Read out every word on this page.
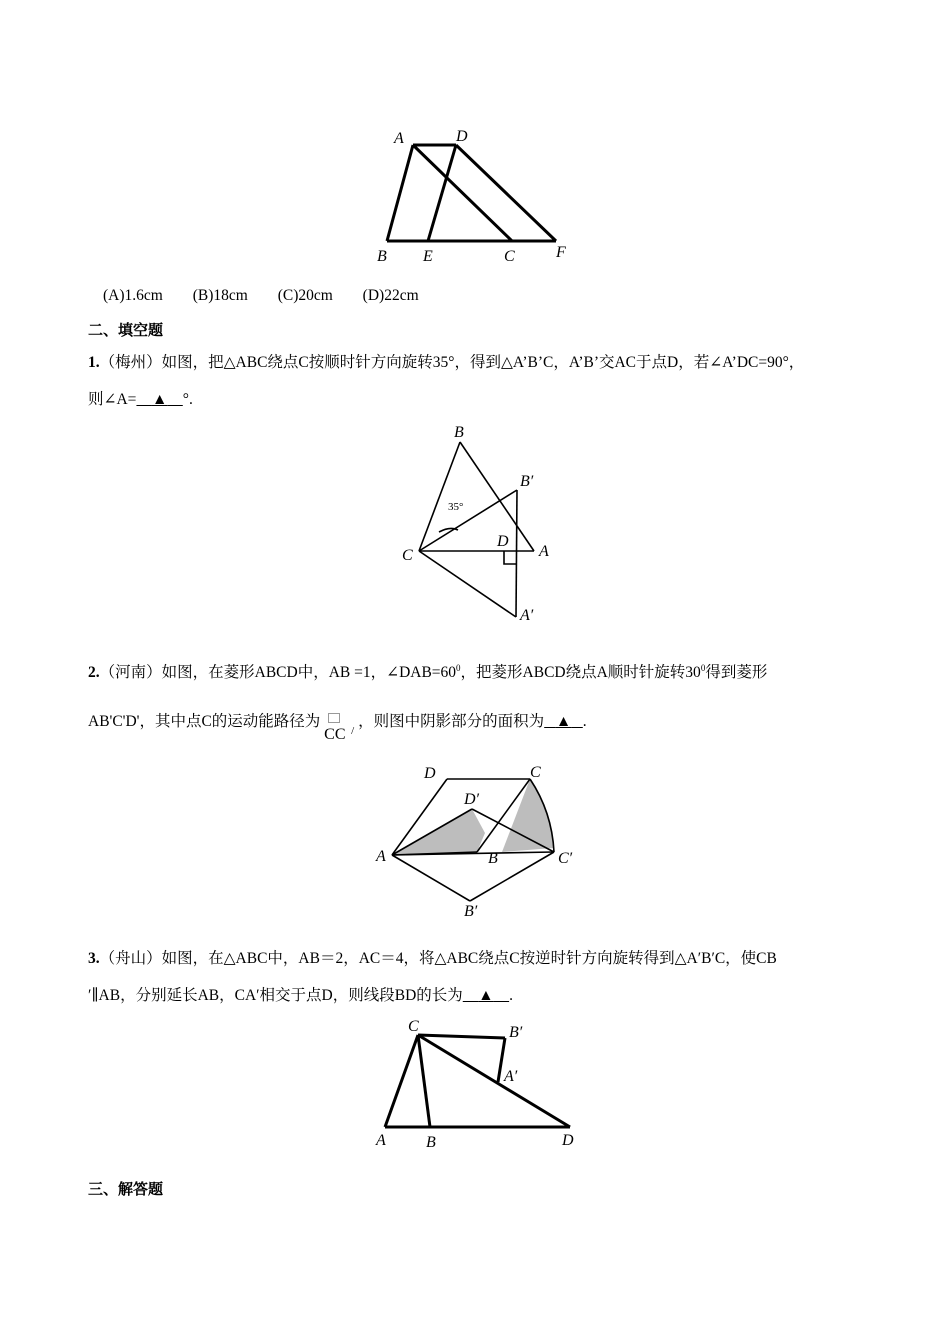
A	D
B E	C	F
(A)1.6cm (B)18cm (C)20cm (D)22cm
二、填空题
1.（梅州）如图，把△ABC绕点C按顺时针方向旋转35°，得到△A’B’C，A’B’交AC于点D，若∠A’DC=90°，
则∠A= ▲ °.
B
B′
35°
C
D
A
A′
2.（河南）如图，在菱形ABCD中，AB =1，$\angle DAB=60^0$，把菱形ABCD绕点A顺时针旋转$30^0$得到菱形
AB'C'D'，其中点C的运动能路径为
CC /
，则图中阴影部分的面积为 ▲ .
D	C
D′
A	B	C′
B′
3.（舟山）如图，在△ABC中，AB＝2，AC＝4，将△ABC绕点C按逆时针方向旋转得到△A′B′C，使CB
′∥AB，分别延长AB，CA′相交于点D，则线段BD的长为 ▲ .
C	B′
A′
A	B	D
三、解答题
